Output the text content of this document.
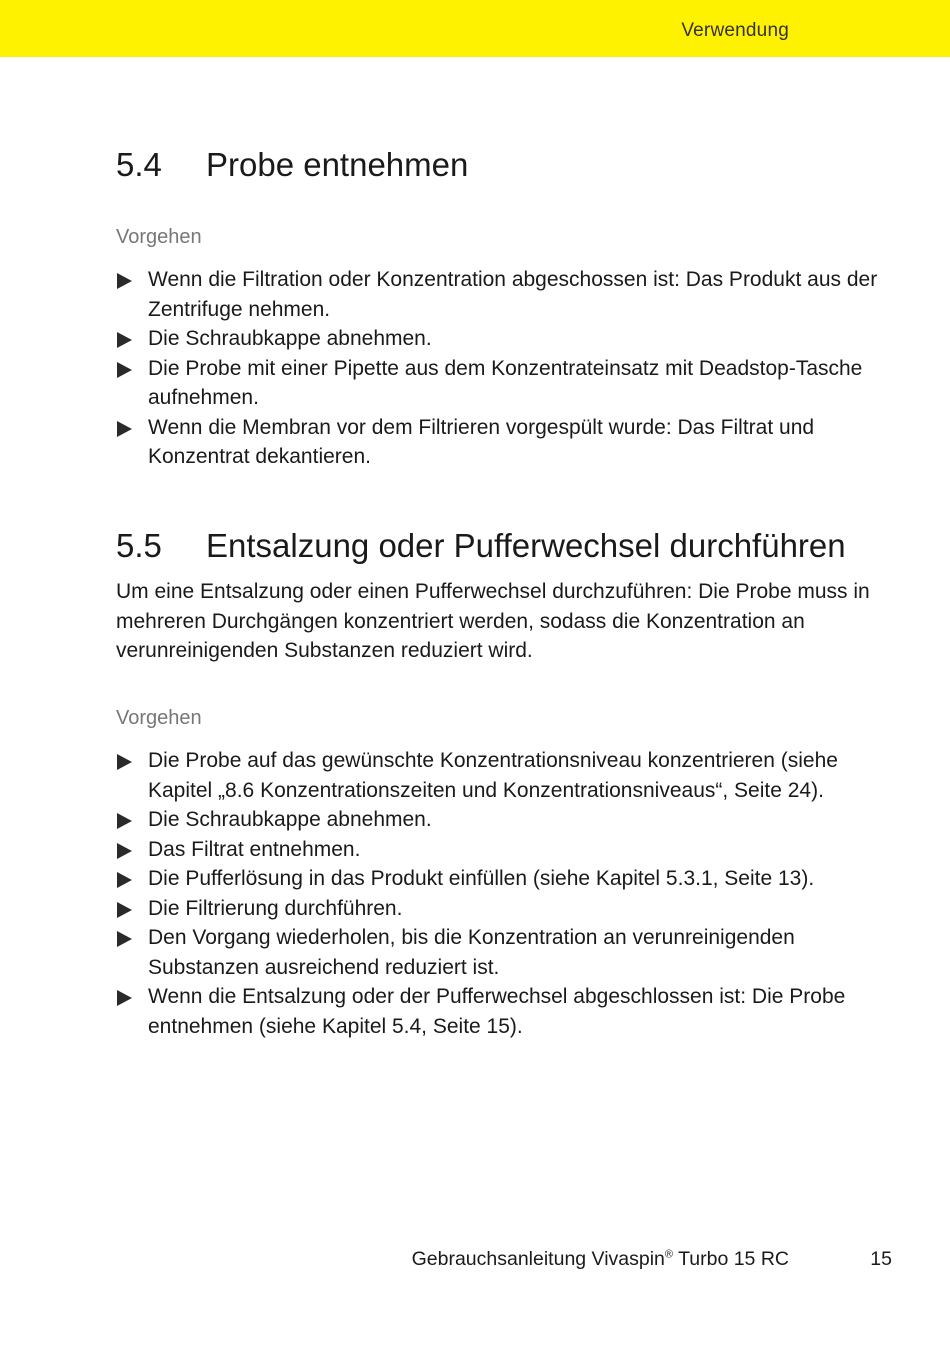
Verwendung
5.4 Probe entnehmen

Vorgehen

Wenn die Filtration oder Konzentration abgeschossen ist: Das Produkt aus der Zentrifuge nehmen.
Die Schraubkappe abnehmen.
Die Probe mit einer Pipette aus dem Konzentrateinsatz mit Deadstop-Tasche aufnehmen.
Wenn die Membran vor dem Filtrieren vorgespült wurde: Das Filtrat und Konzentrat dekantieren.
5.5 Entsalzung oder Pufferwechsel durchführen

Um eine Entsalzung oder einen Pufferwechsel durchzuführen: Die Probe muss in mehreren Durchgängen konzentriert werden, sodass die Konzentration an verunreinigenden Substanzen reduziert wird.

Vorgehen

Die Probe auf das gewünschte Konzentrationsniveau konzentrieren (siehe Kapitel „8.6 Konzentrationszeiten und Konzentrationsniveaus“, Seite 24).
Die Schraubkappe abnehmen.
Das Filtrat entnehmen.
Die Pufferlösung in das Produkt einfüllen (siehe Kapitel 5.3.1, Seite 13).
Die Filtrierung durchführen.
Den Vorgang wiederholen, bis die Konzentration an verunreinigenden Substanzen ausreichend reduziert ist.
Wenn die Entsalzung oder der Pufferwechsel abgeschlossen ist: Die Probe entnehmen (siehe Kapitel 5.4, Seite 15).
Gebrauchsanleitung Vivaspin® Turbo 15 RC	15
